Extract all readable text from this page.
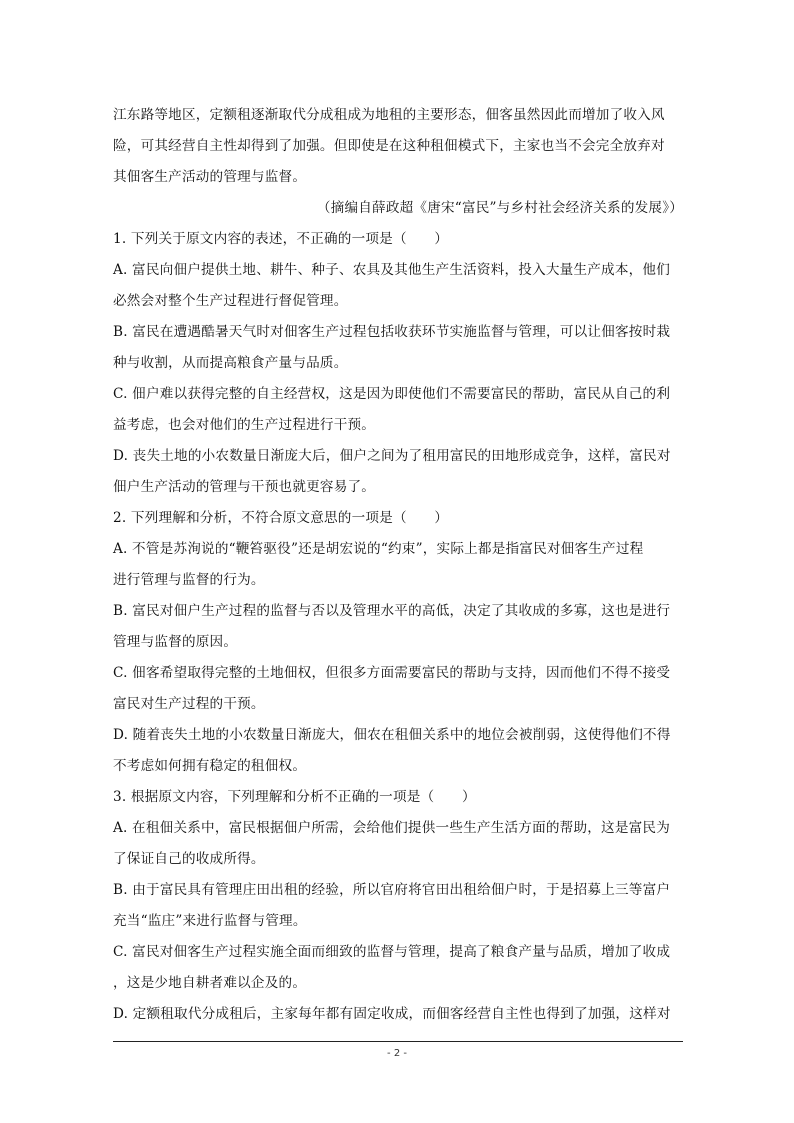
江东路等地区，定额租逐渐取代分成租成为地租的主要形态，佃客虽然因此而增加了收入风
险，可其经营自主性却得到了加强。但即使是在这种租佃模式下，主家也当不会完全放弃对
其佃客生产活动的管理与监督。
（摘编自薛政超《唐宋“富民”与乡村社会经济关系的发展》）
1. 下列关于原文内容的表述，不正确的一项是（　　）
A. 富民向佃户提供土地、耕牛、种子、农具及其他生产生活资料，投入大量生产成本，他们
必然会对整个生产过程进行督促管理。
B. 富民在遭遇酷暑天气时对佃客生产过程包括收获环节实施监督与管理，可以让佃客按时栽
种与收割，从而提高粮食产量与品质。
C. 佃户难以获得完整的自主经营权，这是因为即使他们不需要富民的帮助，富民从自己的利
益考虑，也会对他们的生产过程进行干预。
D. 丧失土地的小农数量日渐庞大后，佃户之间为了租用富民的田地形成竞争，这样，富民对
佃户生产活动的管理与干预也就更容易了。
2. 下列理解和分析，不符合原文意思的一项是（　　）
A. 不管是苏洵说的“鞭笞驱役”还是胡宏说的“约束”，实际上都是指富民对佃客生产过程
进行管理与监督的行为。
B. 富民对佃户生产过程的监督与否以及管理水平的高低，决定了其收成的多寡，这也是进行
管理与监督的原因。
C. 佃客希望取得完整的土地佃权，但很多方面需要富民的帮助与支持，因而他们不得不接受
富民对生产过程的干预。
D. 随着丧失土地的小农数量日渐庞大，佃农在租佃关系中的地位会被削弱，这使得他们不得
不考虑如何拥有稳定的租佃权。
3. 根据原文内容，下列理解和分析不正确的一项是（　　）
A. 在租佃关系中，富民根据佃户所需，会给他们提供一些生产生活方面的帮助，这是富民为
了保证自己的收成所得。
B. 由于富民具有管理庄田出租的经验，所以官府将官田出租给佃户时，于是招募上三等富户
充当“监庄”来进行监督与管理。
C. 富民对佃客生产过程实施全面而细致的监督与管理，提高了粮食产量与品质，增加了收成
，这是少地自耕者难以企及的。
D. 定额租取代分成租后，主家每年都有固定收成，而佃客经营自主性也得到了加强，这样对
- 2 -
